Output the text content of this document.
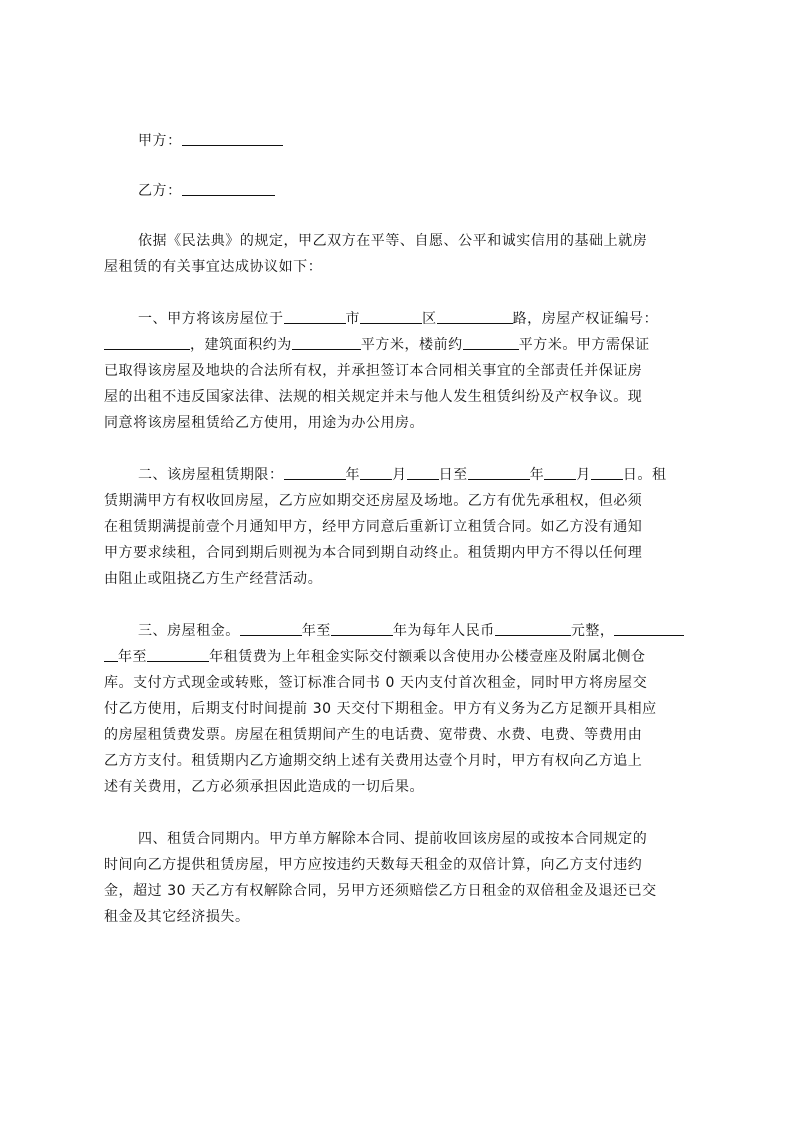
甲方：
乙方：
依据《民法典》的规定，甲乙双方在平等、自愿、公平和诚实信用的基础上就房
屋租赁的有关事宜达成协议如下：
一、甲方将该房屋位于	市	区	路，房屋产权证编号：
，建筑面积约为	平方米，楼前约	平方米。甲方需保证
已取得该房屋及地块的合法所有权，并承担签订本合同相关事宜的全部责任并保证房
屋的出租不违反国家法律、法规的相关规定并未与他人发生租赁纠纷及产权争议。现
同意将该房屋租赁给乙方使用，用途为办公用房。
二、该房屋租赁期限：	年 月 日至	年 月 日。租
赁期满甲方有权收回房屋，乙方应如期交还房屋及场地。乙方有优先承租权，但必须
在租赁期满提前壹个月通知甲方，经甲方同意后重新订立租赁合同。如乙方没有通知
甲方要求续租，合同到期后则视为本合同到期自动终止。租赁期内甲方不得以任何理
由阻止或阻挠乙方生产经营活动。
三、房屋租金。	年至	年为每年人民币	元整，
年至	年租赁费为上年租金实际交付额乘以含使用办公楼壹座及附属北侧仓
库。支付方式现金或转账，签订标准合同书 0 天内支付首次租金，同时甲方将房屋交
付乙方使用，后期支付时间提前 30 天交付下期租金。甲方有义务为乙方足额开具相应
的房屋租赁费发票。房屋在租赁期间产生的电话费、宽带费、水费、电费、等费用由
乙方方支付。租赁期内乙方逾期交纳上述有关费用达壹个月时，甲方有权向乙方追上
述有关费用，乙方必须承担因此造成的一切后果。
四、租赁合同期内。甲方单方解除本合同、提前收回该房屋的或按本合同规定的
时间向乙方提供租赁房屋，甲方应按违约天数每天租金的双倍计算，向乙方支付违约
金，超过 30 天乙方有权解除合同，另甲方还须赔偿乙方日租金的双倍租金及退还已交
租金及其它经济损失。
